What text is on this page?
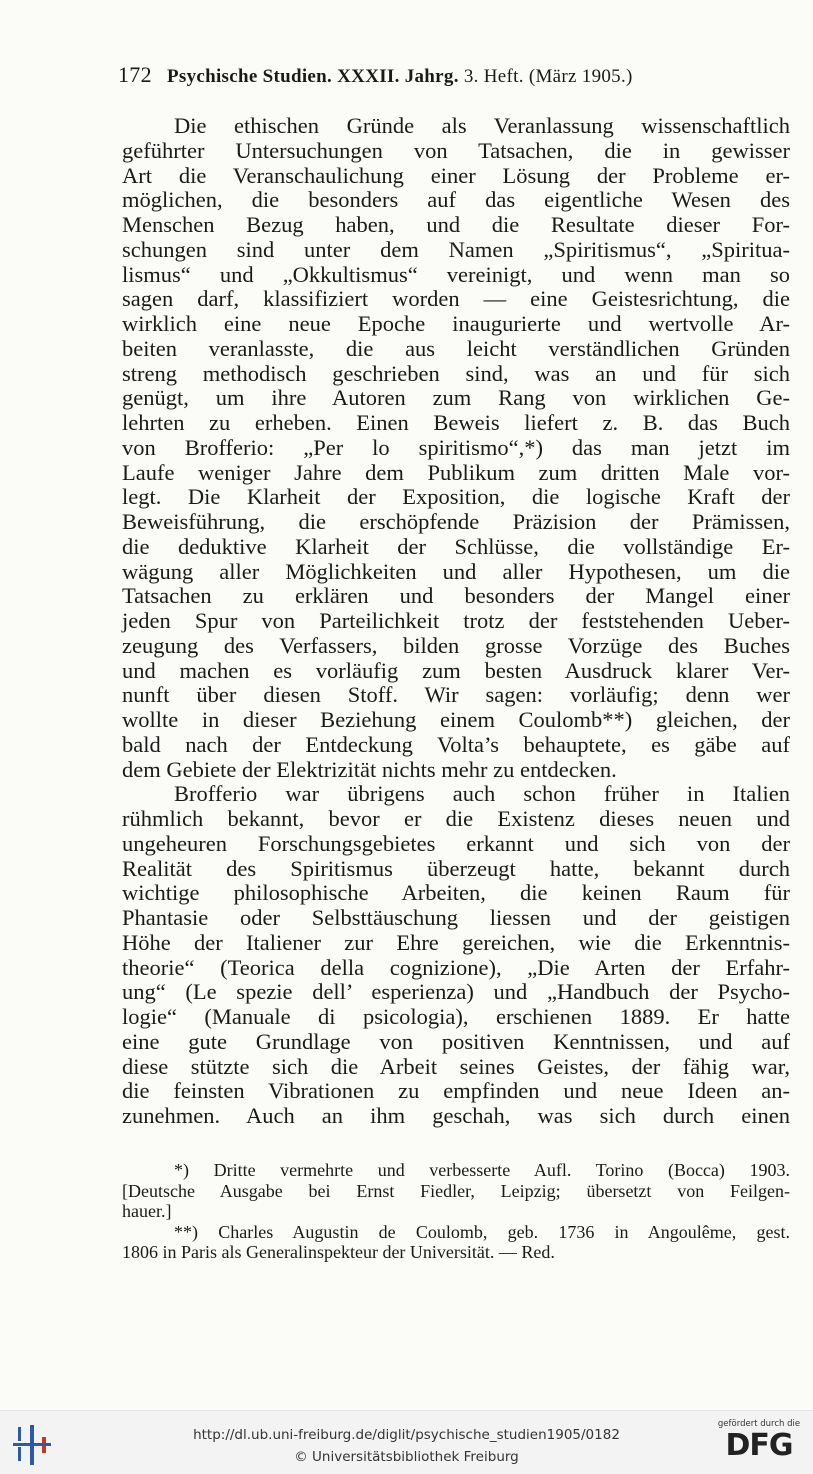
172 Psychische Studien. XXXII. Jahrg. 3. Heft. (März 1905.)
Die ethischen Gründe als Veranlassung wissenschaftlich
geführter Untersuchungen von Tatsachen, die in gewisser
Art die Veranschaulichung einer Lösung der Probleme er-
möglichen, die besonders auf das eigentliche Wesen des
Menschen Bezug haben, und die Resultate dieser For-
schungen sind unter dem Namen „Spiritismus“, „Spiritua-
lismus“ und „Okkultismus“ vereinigt, und wenn man so
sagen darf, klassifiziert worden — eine Geistesrichtung, die
wirklich eine neue Epoche inaugurierte und wertvolle Ar-
beiten veranlasste, die aus leicht verständlichen Gründen
streng methodisch geschrieben sind, was an und für sich
genügt, um ihre Autoren zum Rang von wirklichen Ge-
lehrten zu erheben. Einen Beweis liefert z. B. das Buch
von Brofferio: „Per lo spiritismo“,*) das man jetzt im
Laufe weniger Jahre dem Publikum zum dritten Male vor-
legt. Die Klarheit der Exposition, die logische Kraft der
Beweisführung, die erschöpfende Präzision der Prämissen,
die deduktive Klarheit der Schlüsse, die vollständige Er-
wägung aller Möglichkeiten und aller Hypothesen, um die
Tatsachen zu erklären und besonders der Mangel einer
jeden Spur von Parteilichkeit trotz der feststehenden Ueber-
zeugung des Verfassers, bilden grosse Vorzüge des Buches
und machen es vorläufig zum besten Ausdruck klarer Ver-
nunft über diesen Stoff. Wir sagen: vorläufig; denn wer
wollte in dieser Beziehung einem Coulomb**) gleichen, der
bald nach der Entdeckung Volta’s behauptete, es gäbe auf
dem Gebiete der Elektrizität nichts mehr zu entdecken.
Brofferio war übrigens auch schon früher in Italien
rühmlich bekannt, bevor er die Existenz dieses neuen und
ungeheuren Forschungsgebietes erkannt und sich von der
Realität des Spiritismus überzeugt hatte, bekannt durch
wichtige philosophische Arbeiten, die keinen Raum für
Phantasie oder Selbsttäuschung liessen und der geistigen
Höhe der Italiener zur Ehre gereichen, wie die Erkenntnis-
theorie“ (Teorica della cognizione), „Die Arten der Erfahr-
ung“ (Le spezie dell’ esperienza) und „Handbuch der Psycho-
logie“ (Manuale di psicologia), erschienen 1889. Er hatte
eine gute Grundlage von positiven Kenntnissen, und auf
diese stützte sich die Arbeit seines Geistes, der fähig war,
die feinsten Vibrationen zu empfinden und neue Ideen an-
zunehmen. Auch an ihm geschah, was sich durch einen
*) Dritte vermehrte und verbesserte Aufl. Torino (Bocca) 1903.
[Deutsche Ausgabe bei Ernst Fiedler, Leipzig; übersetzt von Feilgen-
hauer.]
**) Charles Augustin de Coulomb, geb. 1736 in Angoulême, gest.
1806 in Paris als Generalinspekteur der Universität. — Red.
http://dl.ub.uni-freiburg.de/diglit/psychische_studien1905/0182
© Universitätsbibliothek Freiburg
gefördert durch die
DFG
